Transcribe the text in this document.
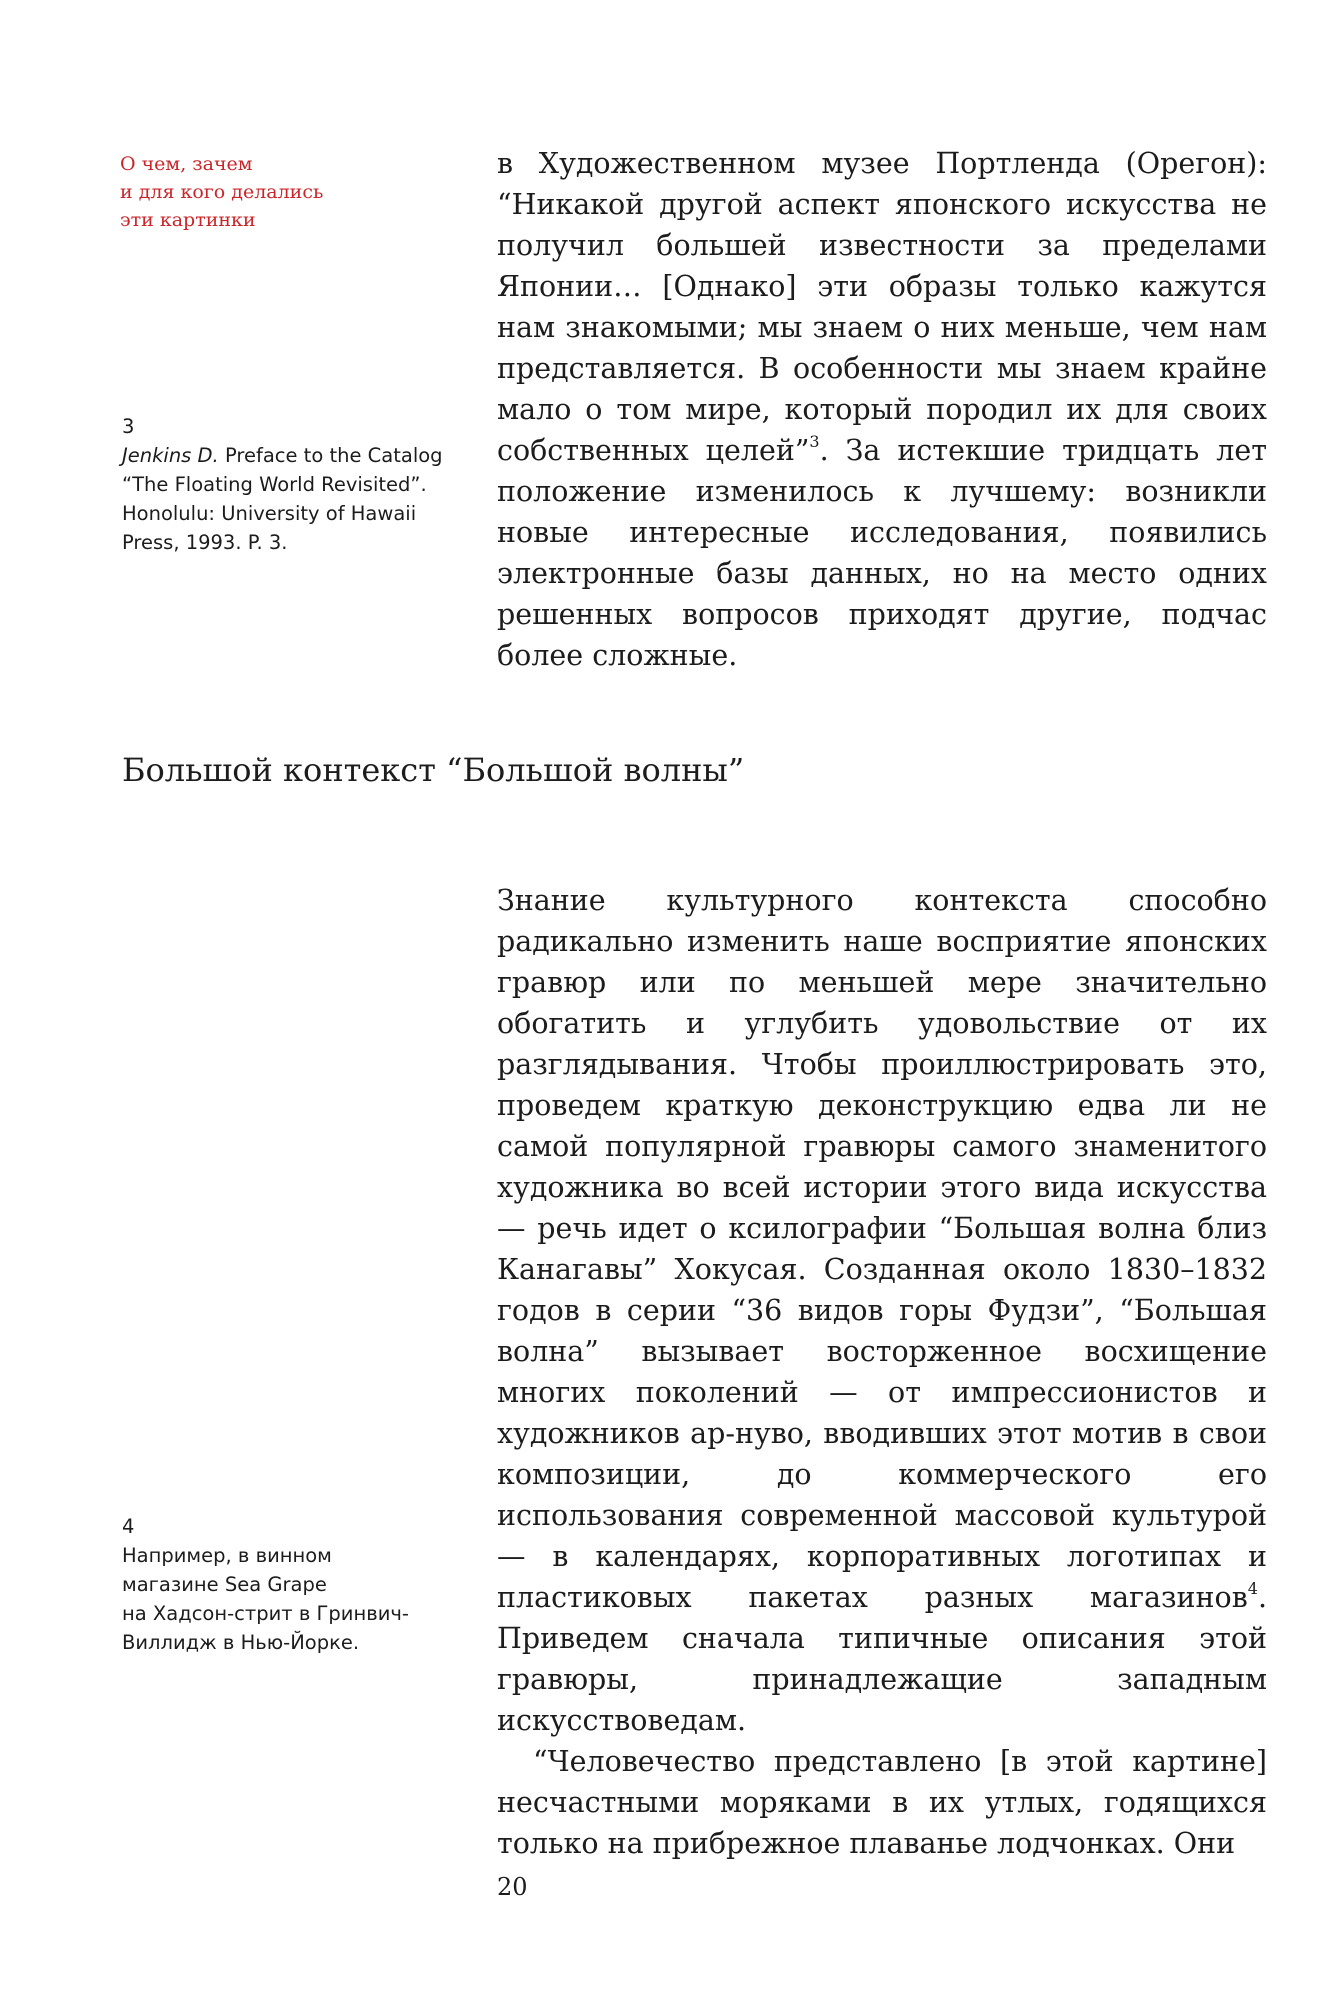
О чем, зачем
и для кого делались
эти картинки

в Художественном музее Портленда (Орегон): “Никакой другой аспект японского искусства не получил большей известности за пределами Японии… [Однако] эти образы только кажутся нам знакомыми; мы знаем о них меньше, чем нам представляется. В особенности мы знаем крайне мало о том мире, который породил их для своих собственных целей”$^3$. За истекшие тридцать лет положение изменилось к лучшему: возникли новые интересные исследования, появились электронные базы данных, но на место одних решенных вопросов приходят другие, подчас более сложные.

3
Jenkins D. Preface to the Catalog
“The Floating World Revisited”.
Honolulu: University of Hawaii
Press, 1993. P. 3.
Большой контекст “Большой волны”

Знание культурного контекста способно радикально изменить наше восприятие японских гравюр или по меньшей мере значительно обогатить и углубить удовольствие от их разглядывания. Чтобы проиллюстрировать это, проведем краткую деконструкцию едва ли не самой популярной гравюры самого знаменитого художника во всей истории этого вида искусства — речь идет о ксилографии “Большая волна близ Канагавы” Хокусая. Созданная около 1830–1832 годов в серии “36 видов горы Фудзи”, “Большая волна” вызывает восторженное восхищение многих поколений — от импрессионистов и художников ар-нуво, вводивших этот мотив в свои композиции, до коммерческого его использования современной массовой культурой — в календарях, корпоративных логотипах и пластиковых пакетах разных магазинов$^4$. Приведем сначала типичные описания этой гравюры, принадлежащие западным искусствоведам.

“Человечество представлено [в этой картине] несчастными моряками в их утлых, годящихся только на прибрежное плаванье лодчонках. Они

4
Например, в винном
магазине Sea Grape
на Хадсон-стрит в Гринвич-
Виллидж в Нью-Йорке.
20
